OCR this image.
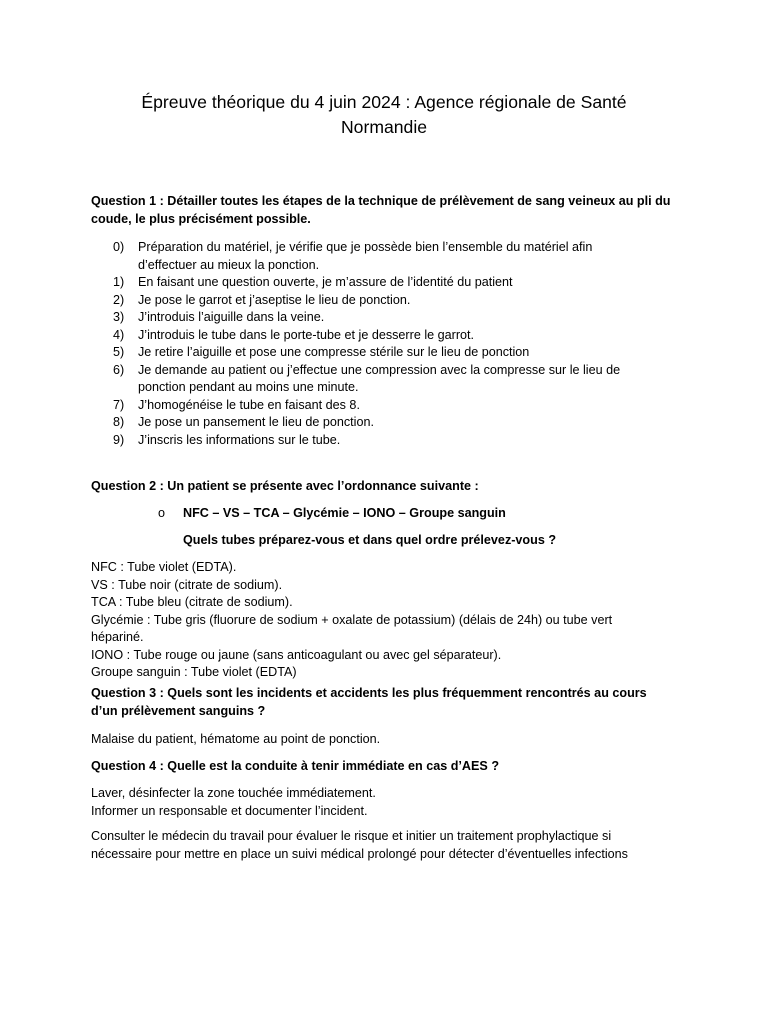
Épreuve théorique du 4 juin 2024 : Agence régionale de Santé
Normandie

Question 1 : Détailler toutes les étapes de la technique de prélèvement de sang veineux au pli du coude, le plus précisément possible.

0)	Préparation du matériel, je vérifie que je possède bien l’ensemble du matériel afin d’effectuer au mieux la ponction.
1)	En faisant une question ouverte, je m’assure de l’identité du patient
2)	Je pose le garrot et j’aseptise le lieu de ponction.
3)	J’introduis l’aiguille dans la veine.
4)	J’introduis le tube dans le porte-tube et je desserre le garrot.
5)	Je retire l’aiguille et pose une compresse stérile sur le lieu de ponction
6)	Je demande au patient ou j’effectue une compression avec la compresse sur le lieu de ponction pendant au moins une minute.
7)	J’homogénéise le tube en faisant des 8.
8)	Je pose un pansement le lieu de ponction.
9)	J’inscris les informations sur le tube.

Question 2 : Un patient se présente avec l’ordonnance suivante :

o	NFC – VS – TCA – Glycémie – IONO – Groupe sanguin
Quels tubes préparez-vous et dans quel ordre prélevez-vous ?
NFC : Tube violet (EDTA).
VS : Tube noir (citrate de sodium).
TCA : Tube bleu (citrate de sodium).
Glycémie : Tube gris (fluorure de sodium + oxalate de potassium) (délais de 24h) ou tube vert hépariné.
IONO : Tube rouge ou jaune (sans anticoagulant ou avec gel séparateur).
Groupe sanguin : Tube violet (EDTA)

Question 3 : Quels sont les incidents et accidents les plus fréquemment rencontrés au cours d’un prélèvement sanguins ?

Malaise du patient, hématome au point de ponction.

Question 4 : Quelle est la conduite à tenir immédiate en cas d’AES ?

Laver, désinfecter la zone touchée immédiatement.
Informer un responsable et documenter l’incident.
Consulter le médecin du travail pour évaluer le risque et initier un traitement prophylactique si nécessaire pour mettre en place un suivi médical prolongé pour détecter d’éventuelles infections
